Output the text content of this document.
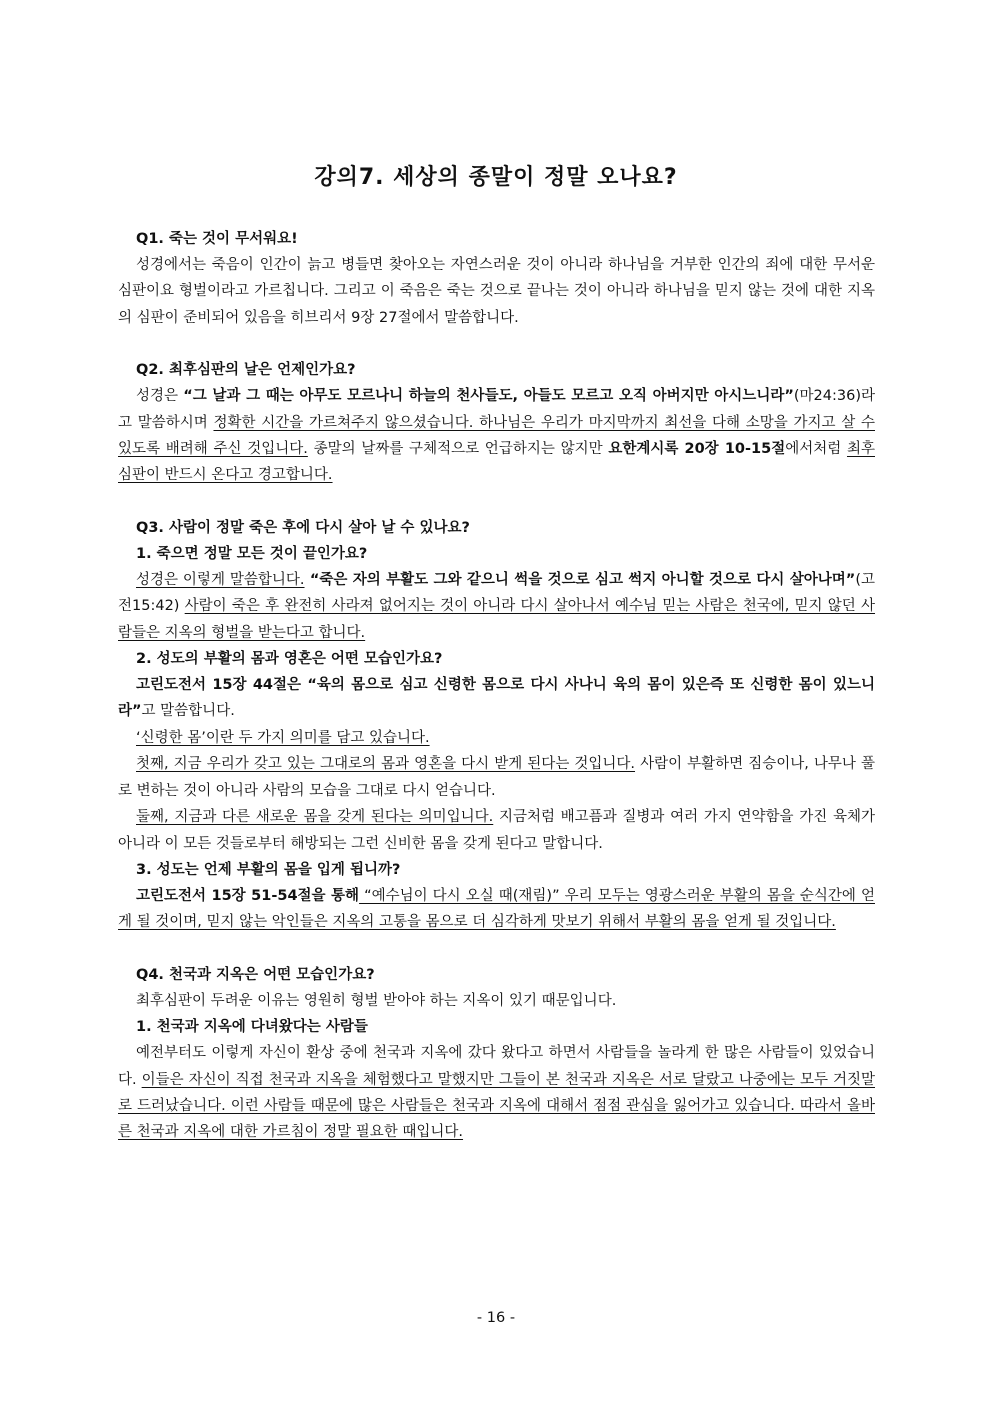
강의7. 세상의 종말이 정말 오나요?
Q1. 죽는 것이 무서워요!

성경에서는 죽음이 인간이 늙고 병들면 찾아오는 자연스러운 것이 아니라 하나님을 거부한 인간의 죄에 대한 무서운 심판이요 형벌이라고 가르칩니다. 그리고 이 죽음은 죽는 것으로 끝나는 것이 아니라 하나님을 믿지 않는 것에 대한 지옥의 심판이 준비되어 있음을 히브리서 9장 27절에서 말씀합니다.

Q2. 최후심판의 날은 언제인가요?

성경은 “그 날과 그 때는 아무도 모르나니 하늘의 천사들도, 아들도 모르고 오직 아버지만 아시느니라”(마24:36)라고 말씀하시며 정확한 시간을 가르쳐주지 않으셨습니다. 하나님은 우리가 마지막까지 최선을 다해 소망을 가지고 살 수 있도록 배려해 주신 것입니다. 종말의 날짜를 구체적으로 언급하지는 않지만 요한계시록 20장 10-15절에서처럼 최후 심판이 반드시 온다고 경고합니다.

Q3. 사람이 정말 죽은 후에 다시 살아 날 수 있나요?
1. 죽으면 정말 모든 것이 끝인가요?

성경은 이렇게 말씀합니다. “죽은 자의 부활도 그와 같으니 썩을 것으로 심고 썩지 아니할 것으로 다시 살아나며”(고전15:42) 사람이 죽은 후 완전히 사라져 없어지는 것이 아니라 다시 살아나서 예수님 믿는 사람은 천국에, 믿지 않던 사람들은 지옥의 형벌을 받는다고 합니다.

2. 성도의 부활의 몸과 영혼은 어떤 모습인가요?

고린도전서 15장 44절은 “육의 몸으로 심고 신령한 몸으로 다시 사나니 육의 몸이 있은즉 또 신령한 몸이 있느니라”고 말씀합니다.

‘신령한 몸’이란 두 가지 의미를 담고 있습니다.

첫째, 지금 우리가 갖고 있는 그대로의 몸과 영혼을 다시 받게 된다는 것입니다. 사람이 부활하면 짐승이나, 나무나 풀로 변하는 것이 아니라 사람의 모습을 그대로 다시 얻습니다.

둘째, 지금과 다른 새로운 몸을 갖게 된다는 의미입니다. 지금처럼 배고픔과 질병과 여러 가지 연약함을 가진 육체가 아니라 이 모든 것들로부터 해방되는 그런 신비한 몸을 갖게 된다고 말합니다.

3. 성도는 언제 부활의 몸을 입게 됩니까?

고린도전서 15장 51-54절을 통해 “예수님이 다시 오실 때(재림)” 우리 모두는 영광스러운 부활의 몸을 순식간에 얻게 될 것이며, 믿지 않는 악인들은 지옥의 고통을 몸으로 더 심각하게 맛보기 위해서 부활의 몸을 얻게 될 것입니다.

Q4. 천국과 지옥은 어떤 모습인가요?

최후심판이 두려운 이유는 영원히 형벌 받아야 하는 지옥이 있기 때문입니다.

1. 천국과 지옥에 다녀왔다는 사람들

예전부터도 이렇게 자신이 환상 중에 천국과 지옥에 갔다 왔다고 하면서 사람들을 놀라게 한 많은 사람들이 있었습니다. 이들은 자신이 직접 천국과 지옥을 체험했다고 말했지만 그들이 본 천국과 지옥은 서로 달랐고 나중에는 모두 거짓말로 드러났습니다. 이런 사람들 때문에 많은 사람들은 천국과 지옥에 대해서 점점 관심을 잃어가고 있습니다. 따라서 올바른 천국과 지옥에 대한 가르침이 정말 필요한 때입니다.

- 16 -
